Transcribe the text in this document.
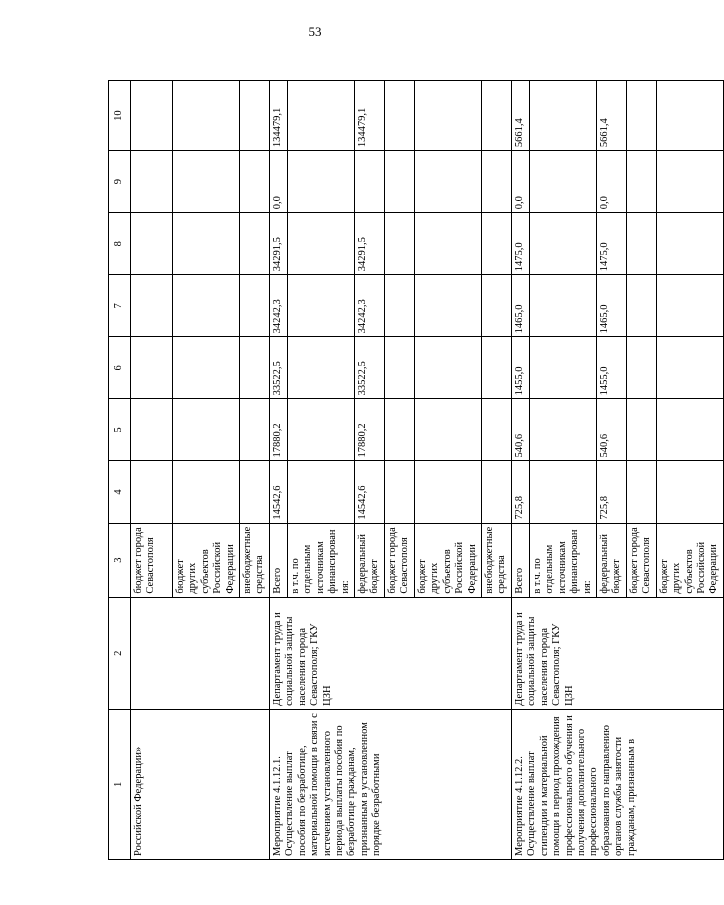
53
1	2	3	4	5	6	7	8	9	10
Российской Федерации»		бюджет города Севастополя							
		бюджет других субъектов Российской Федерации							
		внебюджетные средства							
Мероприятие 4.1.12.1. Осуществление выплат пособия по безработице, материальной помощи в связи с истечением установленного периода выплаты пособия по безработице гражданам, признанным в установленном порядке безработными	Департамент труда и социальной защиты населения города Севастополя; ГКУ ЦЗН	Всего	14542,6	17880,2	33522,5	34242,3	34291,5	0,0	134479,1
		в т.ч. по отдельным источникам финансирования:							
		федеральный бюджет	14542,6	17880,2	33522,5	34242,3	34291,5		134479,1
		бюджет города Севастополя							
		бюджет других субъектов Российской Федерации							
		внебюджетные средства							
Мероприятие 4.1.12.2. Осуществление выплат стипендии и материальной помощи в период прохождения профессионального обучения и получения дополнительного профессионального образования по направлению органов службы занятости гражданам, признанным в	Департамент труда и социальной защиты населения города Севастополя; ГКУ ЦЗН	Всего	725,8	540,6	1455,0	1465,0	1475,0	0,0	5661,4
		в т.ч. по отдельным источникам финансирования:							
		федеральный бюджет	725,8	540,6	1455,0	1465,0	1475,0	0,0	5661,4
		бюджет города Севастополя							
		бюджет других субъектов Российской Федерации							
